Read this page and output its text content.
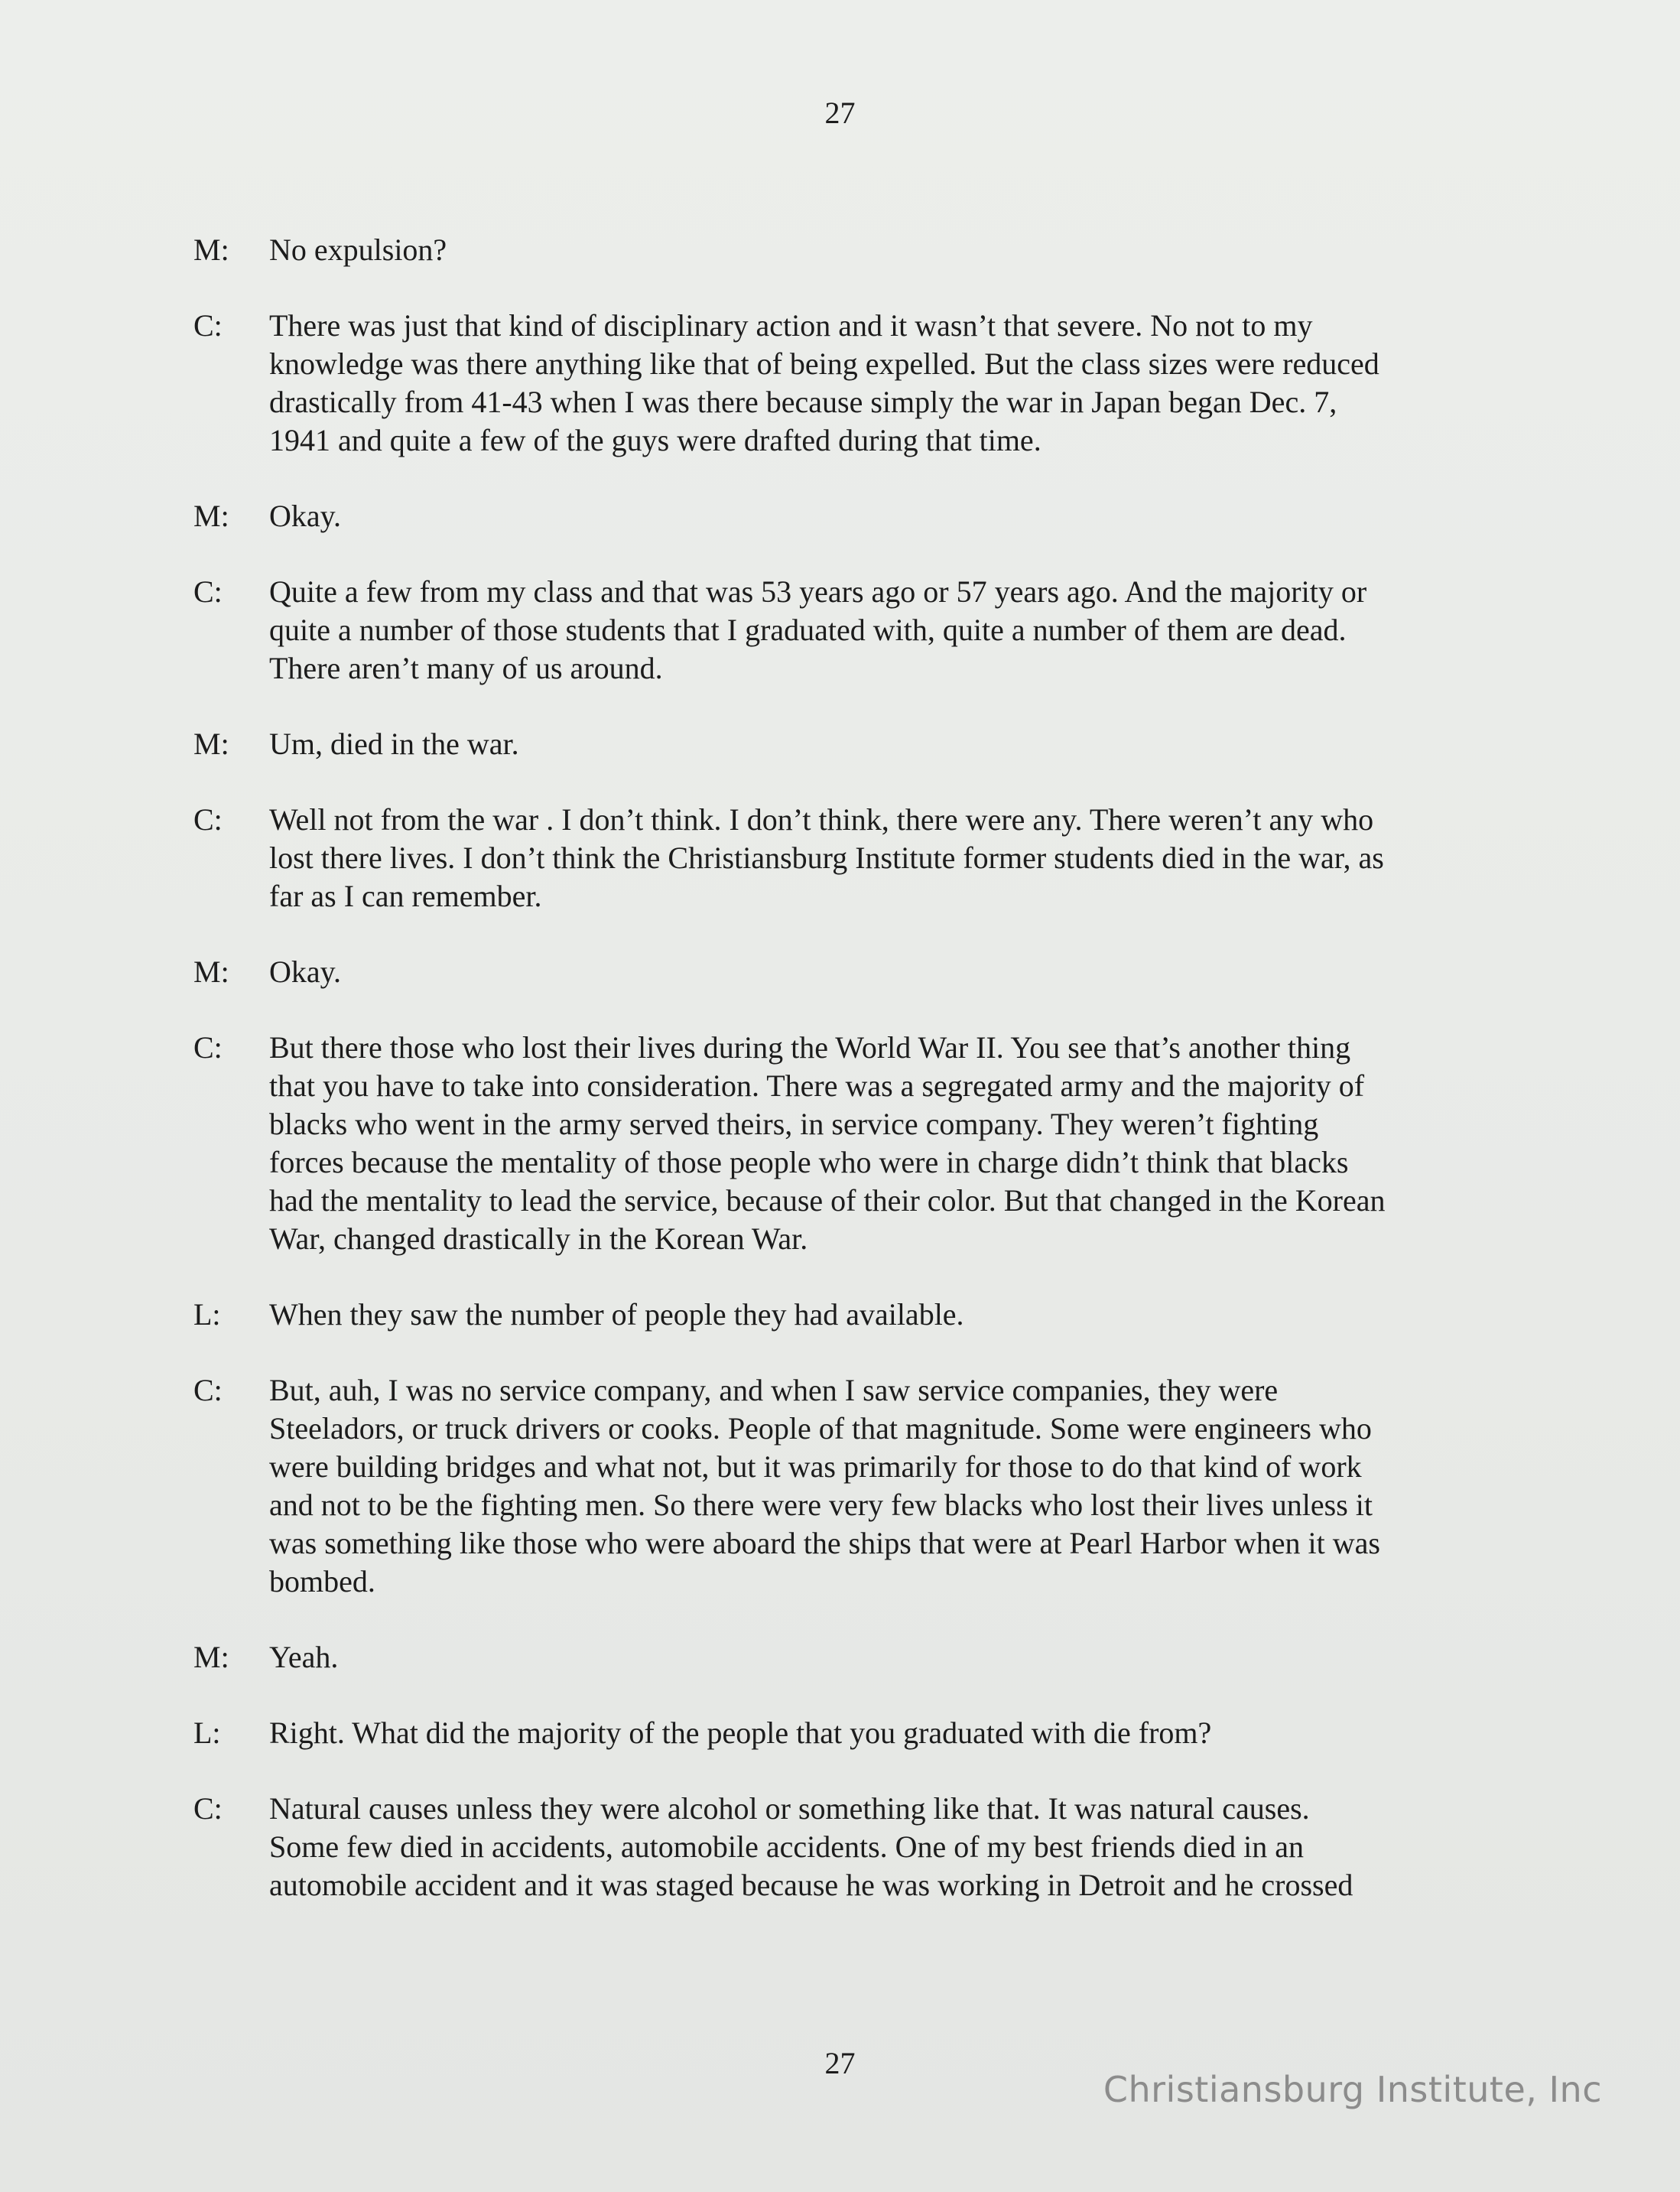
27
M:	No expulsion?
C:	There was just that kind of disciplinary action and it wasn’t that severe. No not to my
knowledge was there anything like that of being expelled. But the class sizes were reduced
drastically from 41-43 when I was there because simply the war in Japan began Dec. 7,
1941 and quite a few of the guys were drafted during that time.
M:	Okay.
C:	Quite a few from my class and that was 53 years ago or 57 years ago. And the majority or
quite a number of those students that I graduated with, quite a number of them are dead.
There aren’t many of us around.
M:	Um, died in the war.
C:	Well not from the war . I don’t think. I don’t think, there were any. There weren’t any who
lost there lives. I don’t think the Christiansburg Institute former students died in the war, as
far as I can remember.
M:	Okay.
C:	But there those who lost their lives during the World War II. You see that’s another thing
that you have to take into consideration. There was a segregated army and the majority of
blacks who went in the army served theirs, in service company. They weren’t fighting
forces because the mentality of those people who were in charge didn’t think that blacks
had the mentality to lead the service, because of their color. But that changed in the Korean
War, changed drastically in the Korean War.
L:	When they saw the number of people they had available.
C:	But, auh, I was no service company, and when I saw service companies, they were
Steeladors, or truck drivers or cooks. People of that magnitude. Some were engineers who
were building bridges and what not, but it was primarily for those to do that kind of work
and not to be the fighting men. So there were very few blacks who lost their lives unless it
was something like those who were aboard the ships that were at Pearl Harbor when it was
bombed.
M:	Yeah.
L:	Right. What did the majority of the people that you graduated with die from?
C:	Natural causes unless they were alcohol or something like that. It was natural causes.
Some few died in accidents, automobile accidents. One of my best friends died in an
automobile accident and it was staged because he was working in Detroit and he crossed
27
Christiansburg Institute, Inc
